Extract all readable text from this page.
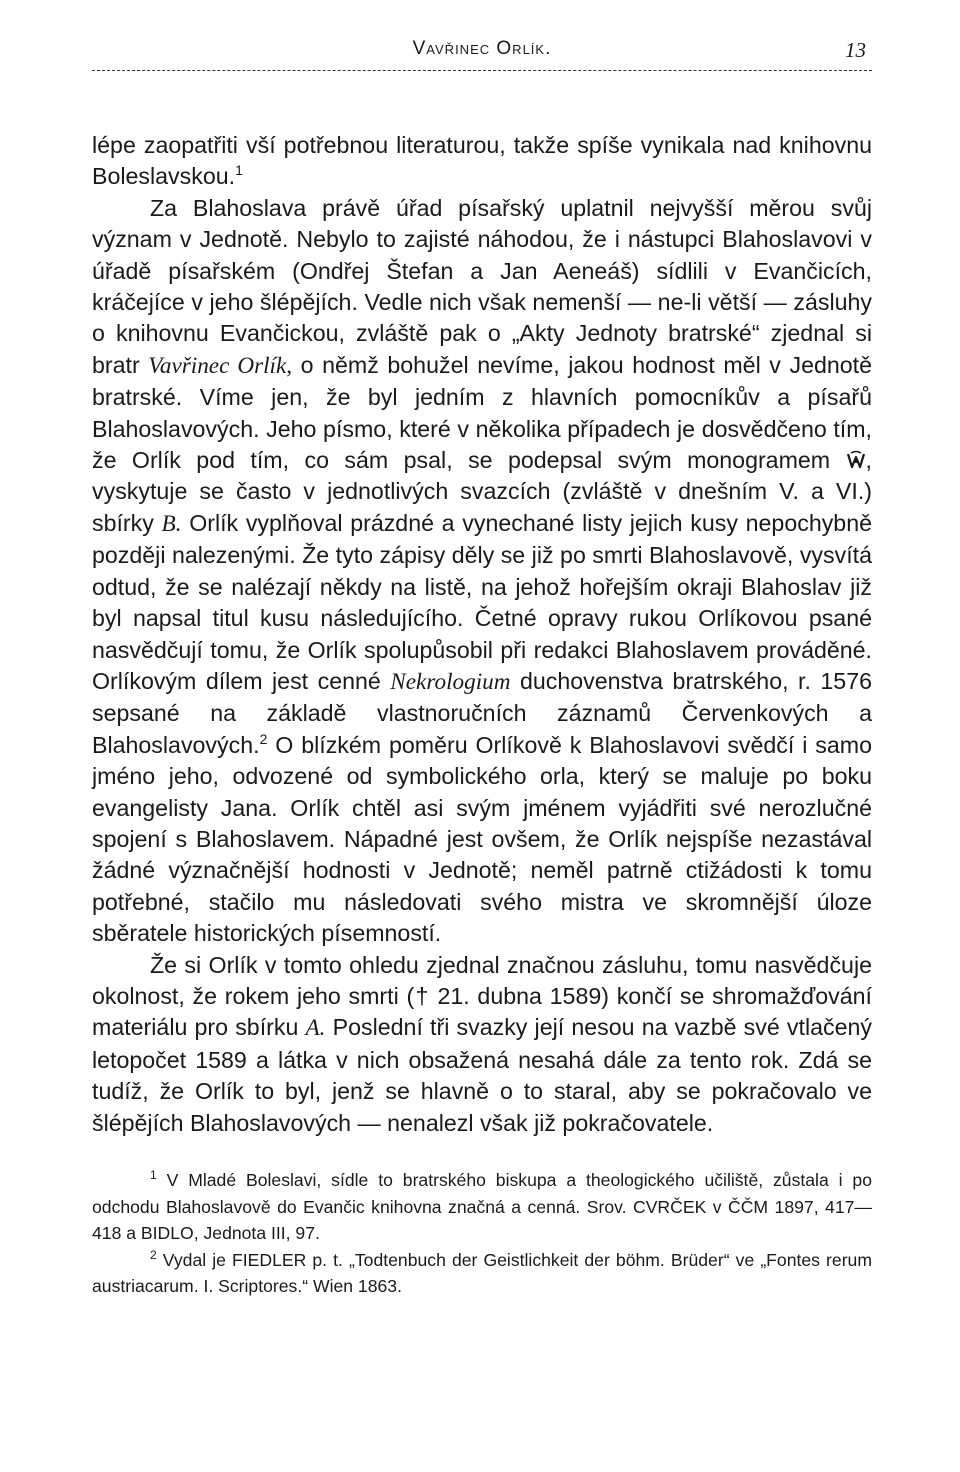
Vavřinec Orlík.	13

lépe zaopatřiti vší potřebnou literaturou, takže spíše vynikala nad knihovnu Boleslavskou.$^1$

Za Blahoslava právě úřad písařský uplatnil nejvyšší měrou svůj význam v Jednotě. Nebylo to zajisté náhodou, že i nástupci Blahoslavovi v úřadě písařském (Ondřej Štefan a Jan Aeneáš) sídlili v Evančicích, kráčejíce v jeho šlépějích. Vedle nich však nemenší — ne-li větší — zásluhy o knihovnu Evančickou, zvláště pak o „Akty Jednoty bratrské“ zjednal si bratr Vavřinec Orlík, o němž bohužel nevíme, jakou hodnost měl v Jednotě bratrské. Víme jen, že byl jedním z hlavních pomocníkův a písařů Blahoslavových. Jeho písmo, které v několika případech je dosvědčeno tím, že Orlík pod tím, co sám psal, se podepsal svým monogramem , vyskytuje se často v jednotlivých svazcích (zvláště v dnešním V. a VI.) sbírky B. Orlík vyplňoval prázdné a vynechané listy jejich kusy nepochybně později nalezenými. Že tyto zápisy děly se již po smrti Blahoslavově, vysvítá odtud, že se nalézají někdy na listě, na jehož hořejším okraji Blahoslav již byl napsal titul kusu následujícího. Četné opravy rukou Orlíkovou psané nasvědčují tomu, že Orlík spolupůsobil při redakci Blahoslavem prováděné. Orlíkovým dílem jest cenné Nekrologium duchovenstva bratrského, r. 1576 sepsané na základě vlastnoručních záznamů Červenkových a Blahoslavových.$^2$ O blízkém poměru Orlíkově k Blahoslavovi svědčí i samo jméno jeho, odvozené od symbolického orla, který se maluje po boku evangelisty Jana. Orlík chtěl asi svým jménem vyjádřiti své nerozlučné spojení s Blahoslavem. Nápadné jest ovšem, že Orlík nejspíše nezastával žádné význačnější hodnosti v Jednotě; neměl patrně ctižádosti k tomu potřebné, stačilo mu následovati svého mistra ve skromnější úloze sběratele historických písemností.

Že si Orlík v tomto ohledu zjednal značnou zásluhu, tomu nasvědčuje okolnost, že rokem jeho smrti († 21. dubna 1589) končí se shromažďování materiálu pro sbírku A. Poslední tři svazky její nesou na vazbě své vtlačený letopočet 1589 a látka v nich obsažená nesahá dále za tento rok. Zdá se tudíž, že Orlík to byl, jenž se hlavně o to staral, aby se pokračovalo ve šlépějích Blahoslavových — nenalezl však již pokračovatele.

$^1$ V Mladé Boleslavi, sídle to bratrského biskupa a theologického učiliště, zůstala i po odchodu Blahoslavově do Evančic knihovna značná a cenná. Srov. CVRČEK v ČČM 1897, 417—418 a BIDLO, Jednota III, 97.

$^2$ Vydal je FIEDLER p. t. „Todtenbuch der Geistlichkeit der böhm. Brüder“ ve „Fontes rerum austriacarum. I. Scriptores.“ Wien 1863.
